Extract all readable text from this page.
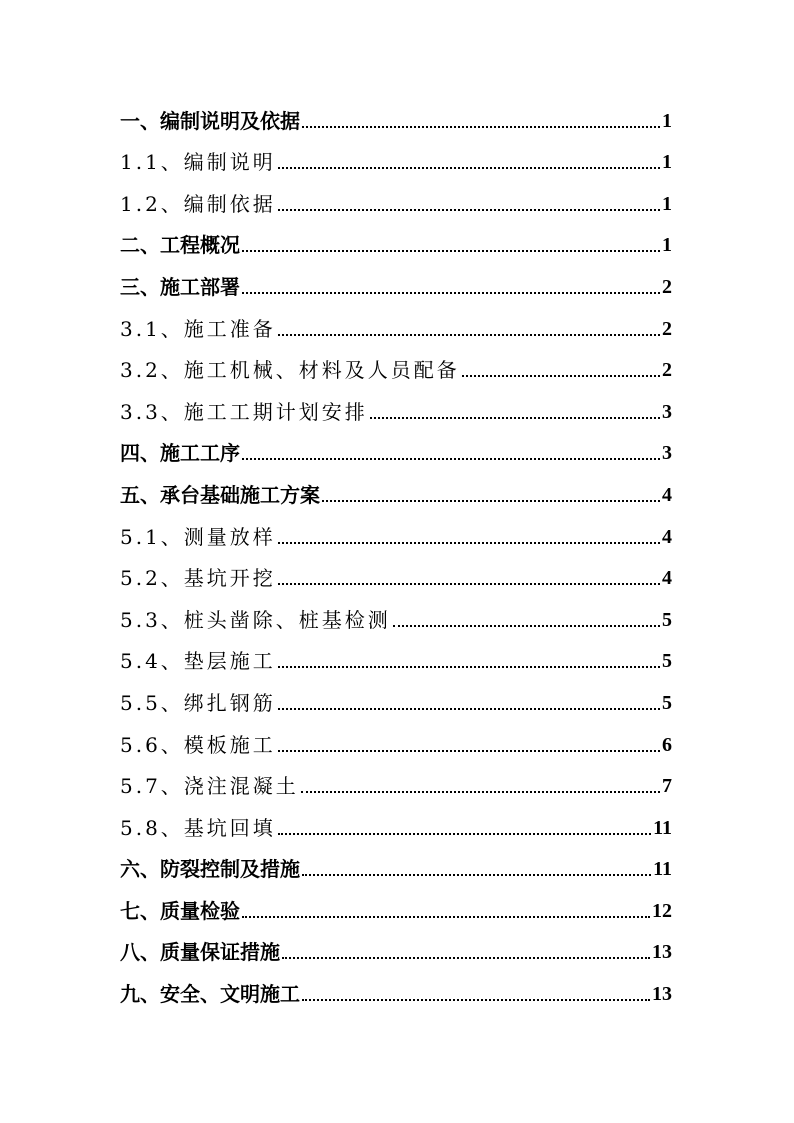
一、编制说明及依据	1
1.1、编制说明	1
1.2、编制依据	1
二、工程概况	1
三、施工部署	2
3.1、施工准备	2
3.2、施工机械、材料及人员配备	2
3.3、施工工期计划安排	3
四、施工工序	3
五、承台基础施工方案	4
5.1、测量放样	4
5.2、基坑开挖	4
5.3、桩头凿除、桩基检测	5
5.4、垫层施工	5
5.5、绑扎钢筋	5
5.6、模板施工	6
5.7、浇注混凝土	7
5.8、基坑回填	11
六、防裂控制及措施	11
七、质量检验	12
八、质量保证措施	13
九、安全、文明施工	13
